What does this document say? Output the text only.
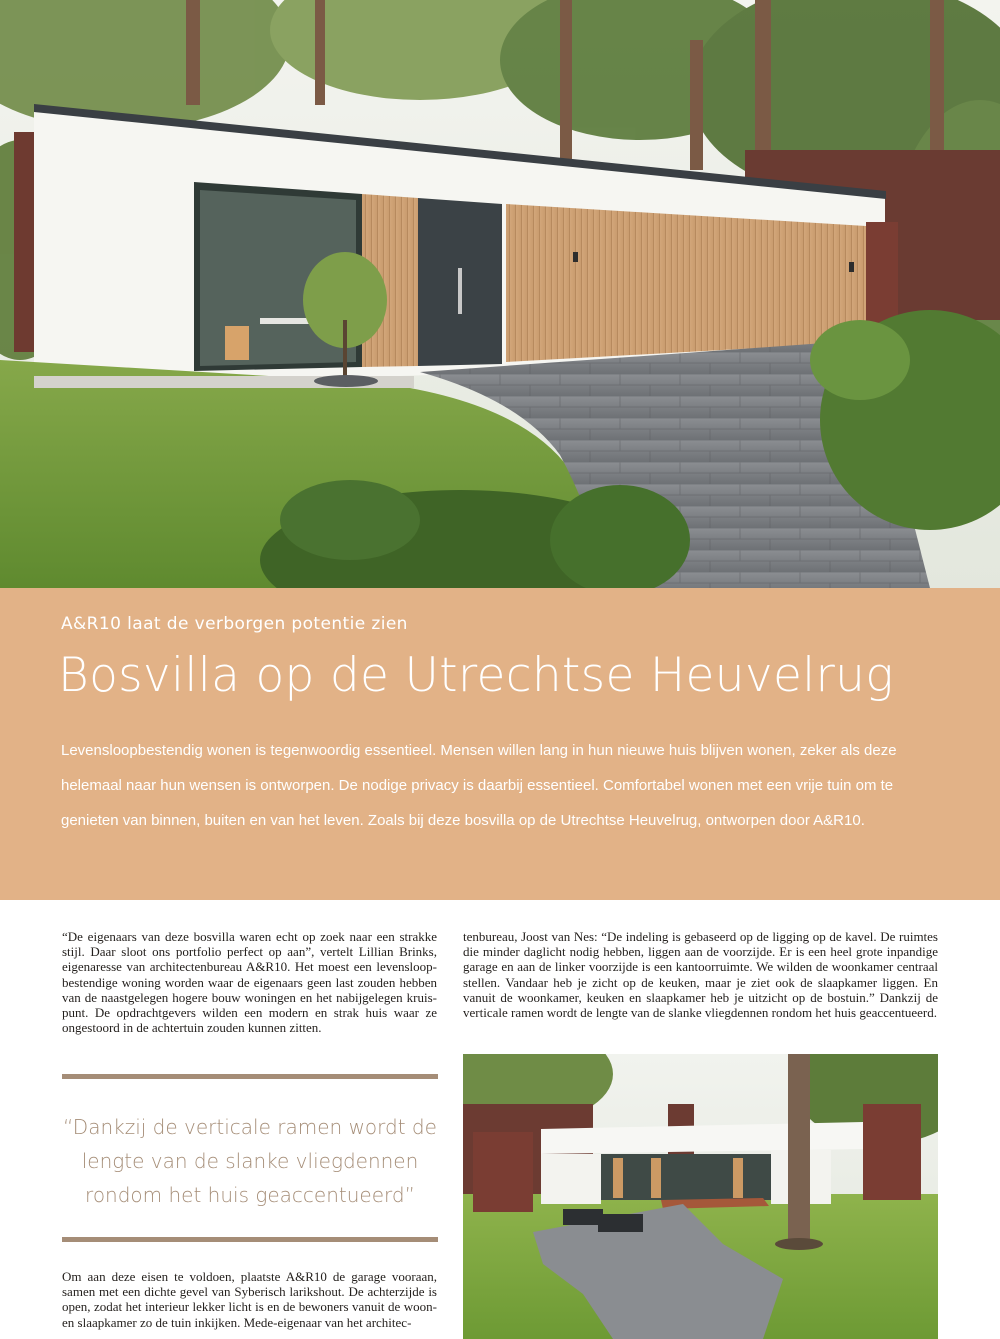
A&R10 laat de verborgen potentie zien
Bosvilla op de Utrechtse Heuvelrug

Levensloopbestendig wonen is tegenwoordig essentieel. Mensen willen lang in hun nieuwe huis blijven wonen, zeker als deze helemaal naar hun wensen is ontworpen. De nodige privacy is daarbij essentieel. Comfortabel wonen met een vrije tuin om te genieten van binnen, buiten en van het leven. Zoals bij deze bosvilla op de Utrechtse Heuvelrug, ontworpen door A&R10.

“De eigenaars van deze bosvilla waren echt op zoek naar een strakke stijl. Daar sloot ons portfolio perfect op aan”, vertelt Lillian Brinks, eigenaresse van architectenbureau A&R10. Het moest een levensloopbestendige woning worden waar de eigenaars geen last zouden hebben van de naastgelegen hogere bouw woningen en het nabijgelegen kruispunt. De opdrachtgevers wilden een modern en strak huis waar ze ongestoord in de achtertuin zouden kunnen zitten.

“Dankzij de verticale ramen wordt de lengte van de slanke vliegdennen rondom het huis geaccentueerd”

Om aan deze eisen te voldoen, plaatste A&R10 de garage vooraan, samen met een dichte gevel van Syberisch larikshout. De achterzijde is open, zodat het interieur lekker licht is en de bewoners vanuit de woon- en slaapkamer zo de tuin inkijken. Mede-eigenaar van het architec-

tenbureau, Joost van Nes: “De indeling is gebaseerd op de ligging op de kavel. De ruimtes die minder daglicht nodig hebben, liggen aan de voorzijde. Er is een heel grote inpandige garage en aan de linker voorzijde is een kantoorruimte. We wilden de woonkamer centraal stellen. Vandaar heb je zicht op de keuken, maar je ziet ook de slaapkamer liggen. En vanuit de woonkamer, keuken en slaapkamer heb je uitzicht op de bostuin.” Dankzij de verticale ramen wordt de lengte van de slanke vliegdennen rondom het huis geaccentueerd.
